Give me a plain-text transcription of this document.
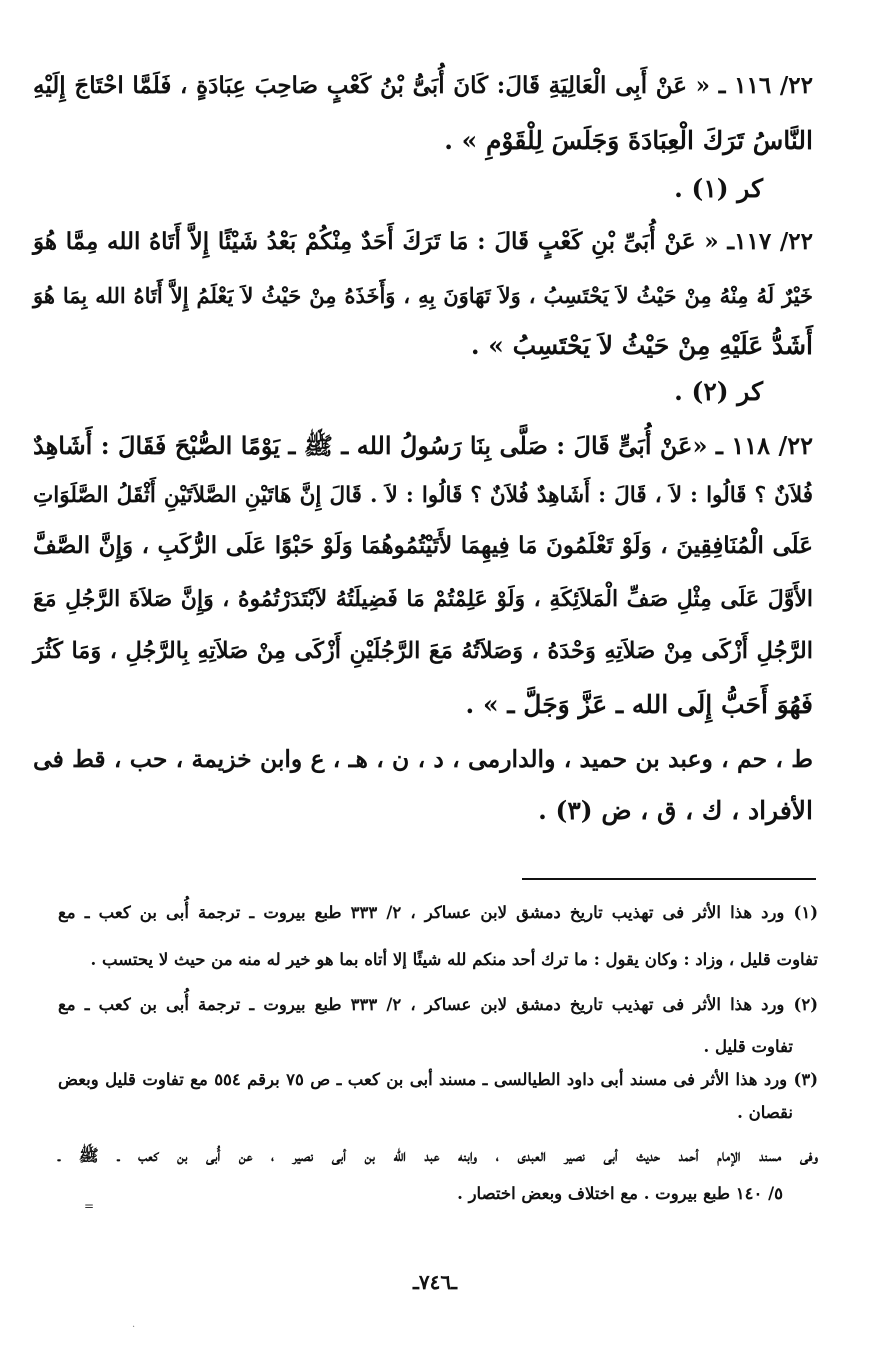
٢٢/ ١١٦ ـ « عَنْ أَبِى الْعَالِيَةِ قَالَ: كَانَ أُبَىُّ بْنُ كَعْبٍ صَاحِبَ عِبَادَةٍ ، فَلَمَّا احْتَاجَ إِلَيْهِ
النَّاسُ تَرَكَ الْعِبَادَةَ وَجَلَسَ لِلْقَوْمِ » .
كر (١) .
٢٢/ ١١٧ـ « عَنْ أُبَىِّ بْنِ كَعْبٍ قَالَ : مَا تَرَكَ أَحَدٌ مِنْكُمْ بَعْدُ شَيْئًا إِلاَّ أَتَاهُ الله مِمَّا هُوَ
خَيْرٌ لَهُ مِنْهُ مِنْ حَيْثُ لاَ يَحْتَسِبُ ، وَلاَ تَهَاوَنَ بِهِ ، وَأَخَذَهُ مِنْ حَيْثُ لاَ يَعْلَمُ إِلاَّ أَتَاهُ الله بِمَا هُوَ
أَشَدُّ عَلَيْهِ مِنْ حَيْثُ لاَ يَحْتَسِبُ » .
كر (٢) .
٢٢/ ١١٨ ـ «عَنْ أُبَىٍّ قَالَ : صَلَّى بِنَا رَسُولُ الله ـ ﷺ ـ يَوْمًا الصُّبْحَ فَقَالَ : أَشَاهِدٌ
فُلاَنٌ ؟ قَالُوا : لاَ ، قَالَ : أَشَاهِدٌ فُلاَنٌ ؟ قَالُوا : لاَ . قَالَ إِنَّ هَاتَيْنِ الصَّلاَتَيْنِ أَثْقَلُ الصَّلَوَاتِ
عَلَى الْمُنَافِقِينَ ، وَلَوْ تَعْلَمُونَ مَا فِيهِمَا لأَتَيْتُمُوهُمَا وَلَوْ حَبْوًا عَلَى الرُّكَبِ ، وَإِنَّ الصَّفَّ
الأَوَّلَ عَلَى مِثْلِ صَفِّ الْمَلاَئِكَةِ ، وَلَوْ عَلِمْتُمْ مَا فَضِيلَتُهُ لاَبْتَدَرْتُمُوهُ ، وَإِنَّ صَلاَةَ الرَّجُلِ مَعَ
الرَّجُلِ أَزْكَى مِنْ صَلاَتِهِ وَحْدَهُ ، وَصَلاَتُهُ مَعَ الرَّجُلَيْنِ أَزْكَى مِنْ صَلاَتِهِ بِالرَّجُلِ ، وَمَا كَثُرَ
فَهُوَ أَحَبُّ إِلَى الله ـ عَزَّ وَجَلَّ ـ » .
ط ، حم ، وعبد بن حميد ، والدارمى ، د ، ن ، هـ ، ع وابن خزيمة ، حب ، قط فى
الأفراد ، ك ، ق ، ض (٣) .
(١) ورد هذا الأثر فى تهذيب تاريخ دمشق لابن عساكر ، ٢/ ٣٣٣ طبع بيروت ـ ترجمة أُبى بن كعب ـ مع
تفاوت قليل ، وزاد : وكان يقول : ما ترك أحد منكم لله شيئًا إلا أتاه بما هو خير له منه من حيث لا يحتسب .
(٢) ورد هذا الأثر فى تهذيب تاريخ دمشق لابن عساكر ، ٢/ ٣٣٣ طبع بيروت ـ ترجمة أُبى بن كعب ـ مع
تفاوت قليل .
(٣) ورد هذا الأثر فى مسند أبى داود الطيالسى ـ مسند أبى بن كعب ـ ص ٧٥ برقم ٥٥٤ مع تفاوت قليل وبعض
نقصان .
وفى مسند الإمام أحمد حديث أبى نصير العبدى ، وابنه عبد الله بن أبى نصير ، عن أُبى بن كعب ـ ﷺ ـ
٥/ ١٤٠ طبع بيروت . مع اختلاف وبعض اختصار .
=
ـ٧٤٦ـ
·
